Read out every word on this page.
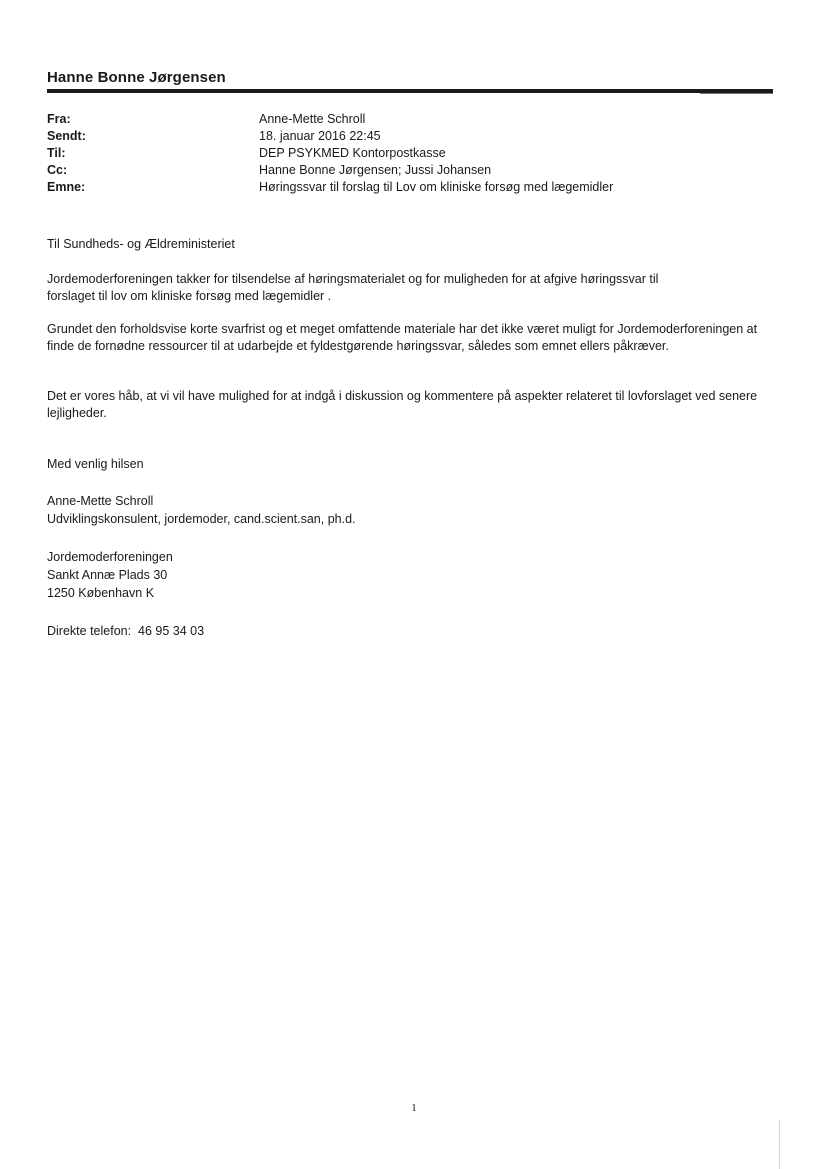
Hanne Bonne Jørgensen
Fra:	Anne-Mette Schroll
Sendt:	18. januar 2016 22:45
Til:	DEP PSYKMED Kontorpostkasse
Cc:	Hanne Bonne Jørgensen; Jussi Johansen
Emne:	Høringssvar til forslag til Lov om kliniske forsøg med lægemidler

Til Sundheds- og Ældreministeriet

Jordemoderforeningen takker for tilsendelse af høringsmaterialet og for muligheden for at afgive høringssvar til forslaget til lov om kliniske forsøg med lægemidler .

Grundet den forholdsvise korte svarfrist og et meget omfattende materiale har det ikke været muligt for Jordemoderforeningen at finde de fornødne ressourcer til at udarbejde et fyldestgørende høringssvar, således som emnet ellers påkræver.

Det er vores håb, at vi vil have mulighed for at indgå i diskussion og kommentere på aspekter relateret til lovforslaget ved senere lejligheder.

Med venlig hilsen

Anne-Mette Schroll

Udviklingskonsulent, jordemoder, cand.scient.san, ph.d.

Jordemoderforeningen

Sankt Annæ Plads 30

1250 København K

Direkte telefon:  46 95 34 03

1
